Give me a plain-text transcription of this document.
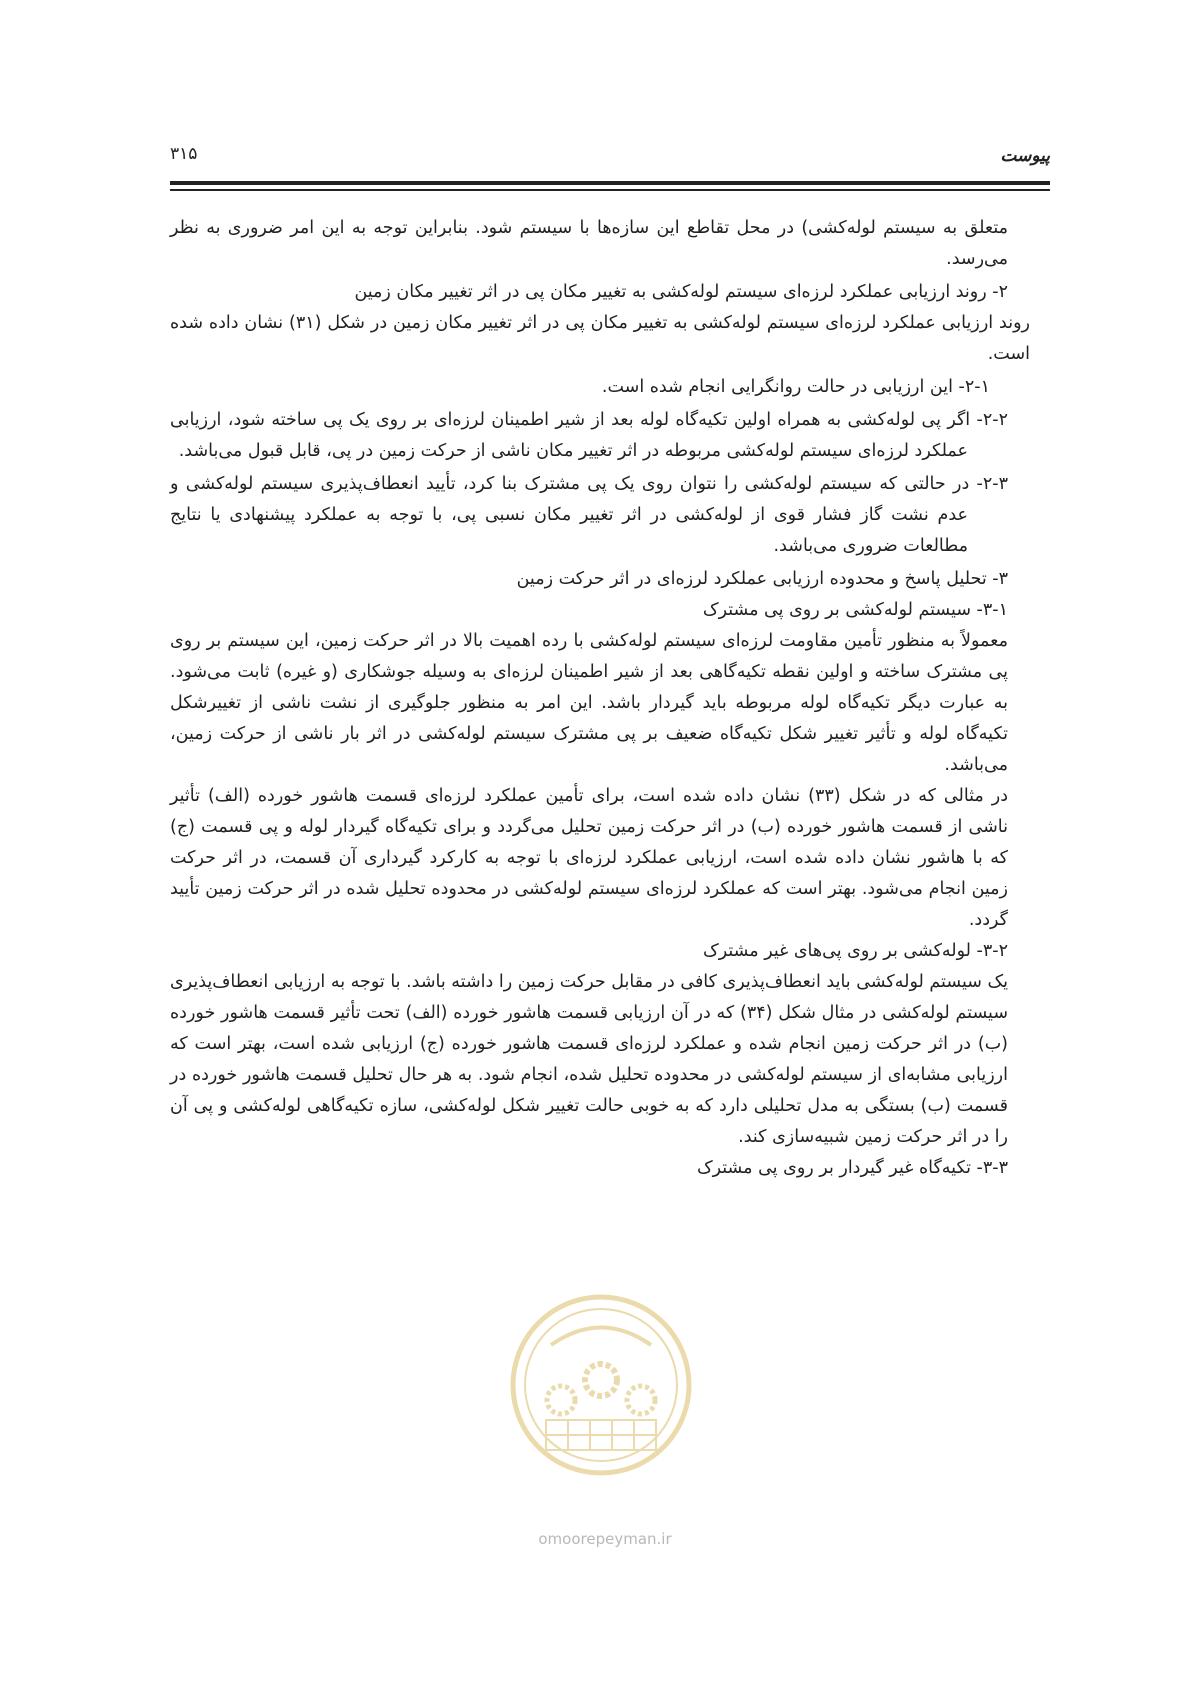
پیوست
۳۱۵

متعلق به سیستم لوله‌کشی) در محل تقاطع این سازه‌ها با سیستم شود. بنابراین توجه به این امر ضروری به نظر می‌رسد.

۲- روند ارزیابی عملکرد لرزه‌ای سیستم لوله‌کشی به تغییر مکان پی در اثر تغییر مکان زمین

روند ارزیابی عملکرد لرزه‌ای سیستم لوله‌کشی به تغییر مکان پی در اثر تغییر مکان زمین در شکل (۳۱) نشان داده شده است.

۲-۱- این ارزیابی در حالت روانگرایی انجام شده است.

۲-۲- اگر پی لوله‌کشی به همراه اولین تکیه‌گاه لوله بعد از شیر اطمینان لرزه‌ای بر روی یک پی ساخته شود، ارزیابی عملکرد لرزه‌ای سیستم لوله‌کشی مربوطه در اثر تغییر مکان ناشی از حرکت زمین در پی، قابل قبول می‌باشد.

۲-۳- در حالتی که سیستم لوله‌کشی را نتوان روی یک پی مشترک بنا کرد، تأیید انعطاف‌پذیری سیستم لوله‌کشی و عدم نشت گاز فشار قوی از لوله‌کشی در اثر تغییر مکان نسبی پی، با توجه به عملکرد پیشنهادی یا نتایج مطالعات ضروری می‌باشد.

۳- تحلیل پاسخ و محدوده ارزیابی عملکرد لرزه‌ای در اثر حرکت زمین

۳-۱- سیستم لوله‌کشی بر روی پی مشترک

معمولاً به منظور تأمین مقاومت لرزه‌ای سیستم لوله‌کشی با رده اهمیت بالا در اثر حرکت زمین، این سیستم بر روی پی مشترک ساخته و اولین نقطه تکیه‌گاهی بعد از شیر اطمینان لرزه‌ای به وسیله جوشکاری (و غیره) ثابت می‌شود. به عبارت دیگر تکیه‌گاه لوله مربوطه باید گیردار باشد. این امر به منظور جلوگیری از نشت ناشی از تغییرشکل تکیه‌گاه لوله و تأثیر تغییر شکل تکیه‌گاه ضعیف بر پی مشترک سیستم لوله‌کشی در اثر بار ناشی از حرکت زمین، می‌باشد.

در مثالی که در شکل (۳۳) نشان داده شده است، برای تأمین عملکرد لرزه‌ای قسمت هاشور خورده (الف) تأثیر ناشی از قسمت هاشور خورده (ب) در اثر حرکت زمین تحلیل می‌گردد و برای تکیه‌گاه گیردار لوله و پی قسمت (ج) که با هاشور نشان داده شده است، ارزیابی عملکرد لرزه‌ای با توجه به کارکرد گیرداری آن قسمت، در اثر حرکت زمین انجام می‌شود. بهتر است که عملکرد لرزه‌ای سیستم لوله‌کشی در محدوده تحلیل شده در اثر حرکت زمین تأیید گردد.

۳-۲- لوله‌کشی بر روی پی‌های غیر مشترک

یک سیستم لوله‌کشی باید انعطاف‌پذیری کافی در مقابل حرکت زمین را داشته باشد. با توجه به ارزیابی انعطاف‌پذیری سیستم لوله‌کشی در مثال شکل (۳۴) که در آن ارزیابی قسمت هاشور خورده (الف) تحت تأثیر قسمت هاشور خورده (ب) در اثر حرکت زمین انجام شده و عملکرد لرزه‌ای قسمت هاشور خورده (ج) ارزیابی شده است، بهتر است که ارزیابی مشابه‌ای از سیستم لوله‌کشی در محدوده تحلیل شده، انجام شود. به هر حال تحلیل قسمت هاشور خورده در قسمت (ب) بستگی به مدل تحلیلی دارد که به خوبی حالت تغییر شکل لوله‌کشی، سازه تکیه‌گاهی لوله‌کشی و پی آن را در اثر حرکت زمین شبیه‌سازی کند.

۳-۳- تکیه‌گاه غیر گیردار بر روی پی مشترک

omoorepeyman.ir
